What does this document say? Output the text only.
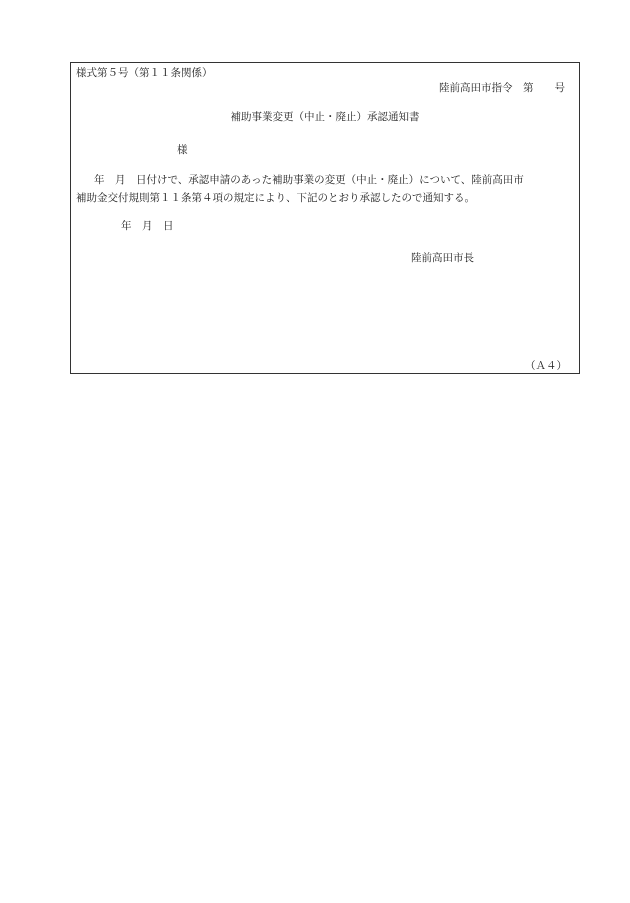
様式第５号（第１１条関係）

陸前高田市指令　第　　号

補助事業変更（中止・廃止）承認通知書

様

年　月　日付けで、承認申請のあった補助事業の変更（中止・廃止）について、陸前高田市

補助金交付規則第１１条第４項の規定により、下記のとおり承認したので通知する。

年　月　日

陸前高田市長

（Ａ４）
